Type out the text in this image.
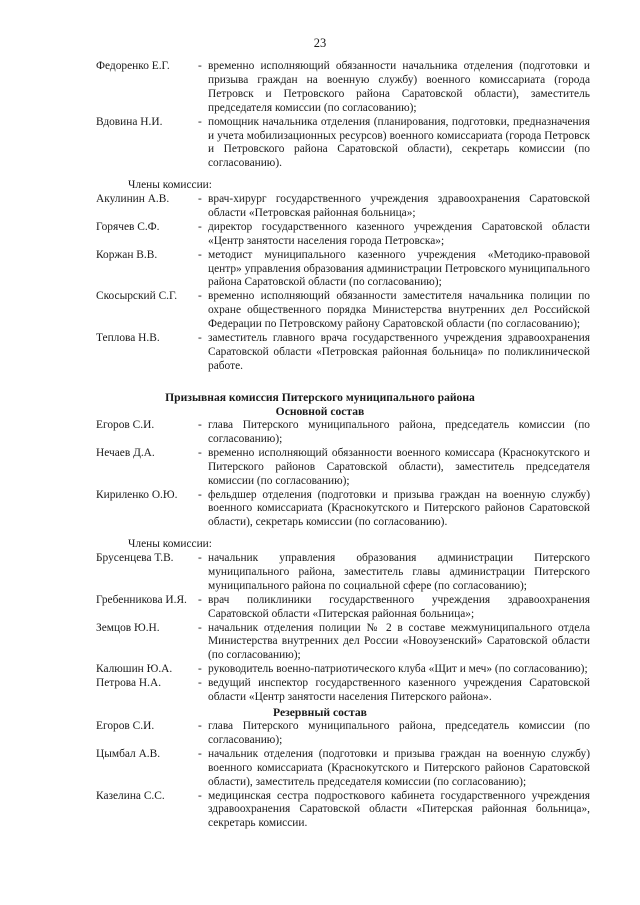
23
Федоренко Е.Г.	- временно исполняющий обязанности начальника отделения (подготовки и призыва граждан на военную службу) военного комиссариата (города Петровск и Петровского района Саратовской области), заместитель председателя комиссии (по согласованию);
Вдовина Н.И.	- помощник начальника отделения (планирования, подготовки, предназначения и учета мобилизационных ресурсов) военного комиссариата (города Петровск и Петровского района Саратовской области), секретарь комиссии (по согласованию).
Члены комиссии:
Акулинин А.В.	- врач-хирург государственного учреждения здравоохранения Саратовской области «Петровская районная больница»;
Горячев С.Ф.	- директор государственного казенного учреждения Саратовской области «Центр занятости населения города Петровска»;
Коржан В.В.	- методист муниципального казенного учреждения «Методико-правовой центр» управления образования администрации Петровского муниципального района Саратовской области (по согласованию);
Скосырский С.Г.	- временно исполняющий обязанности заместителя начальника полиции по охране общественного порядка Министерства внутренних дел Российской Федерации по Петровскому району Саратовской области (по согласованию);
Теплова Н.В.	- заместитель главного врача государственного учреждения здравоохранения Саратовской области «Петровская районная больница» по поликлинической работе.
Призывная комиссия Питерского муниципального района
Основной состав
Егоров С.И.	- глава Питерского муниципального района, председатель комиссии (по согласованию);
Нечаев Д.А.	- временно исполняющий обязанности военного комиссара (Краснокутского и Питерского районов Саратовской области), заместитель председателя комиссии (по согласованию);
Кириленко О.Ю.	- фельдшер отделения (подготовки и призыва граждан на военную службу) военного комиссариата (Краснокутского и Питерского районов Саратовской области), секретарь комиссии (по согласованию).
Члены комиссии:
Брусенцева Т.В.	- начальник управления образования администрации Питерского муниципального района, заместитель главы администрации Питерского муниципального района по социальной сфере (по согласованию);
Гребенникова И.Я. - врач поликлиники государственного учреждения здравоохранения Саратовской области «Питерская районная больница»;
Земцов Ю.Н.	- начальник отделения полиции № 2 в составе межмуниципального отдела Министерства внутренних дел России «Новоузенский» Саратовской области (по согласованию);
Калюшин Ю.А.	- руководитель военно-патриотического клуба «Щит и меч» (по согласованию);
Петрова Н.А.	- ведущий инспектор государственного казенного учреждения Саратовской области «Центр занятости населения Питерского района».
Резервный состав
Егоров С.И.	- глава Питерского муниципального района, председатель комиссии (по согласованию);
Цымбал А.В.	- начальник отделения (подготовки и призыва граждан на военную службу) военного комиссариата (Краснокутского и Питерского районов Саратовской области), заместитель председателя комиссии (по согласованию);
Казелина С.С.	- медицинская сестра подросткового кабинета государственного учреждения здравоохранения Саратовской области «Питерская районная больница», секретарь комиссии.
